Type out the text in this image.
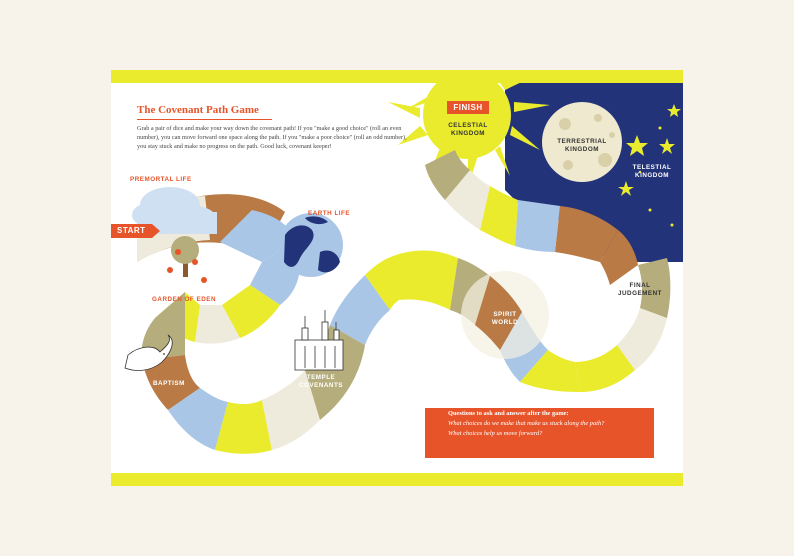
The Covenant Path Game
Grab a pair of dice and make your way down the covenant path! If you "make a good choice" (roll an even number), you can move forward one space along the path. If you "make a poor choice" (roll an odd number), you stay stuck and make no progress on the path. Good luck, covenant keeper!
START
FINISH
PREMORTAL LIFE
EARTH LIFE
GARDEN OF EDEN
BAPTISM
TEMPLE
COVENANTS
SPIRIT
WORLD
FINAL
JUDGEMENT
CELESTIAL
KINGDOM
TERRESTRIAL
KINGDOM
TELESTIAL
KINGDOM
Questions to ask and answer after the game:
What choices do we make that make us stuck along the path?
What choices help us move forward?
